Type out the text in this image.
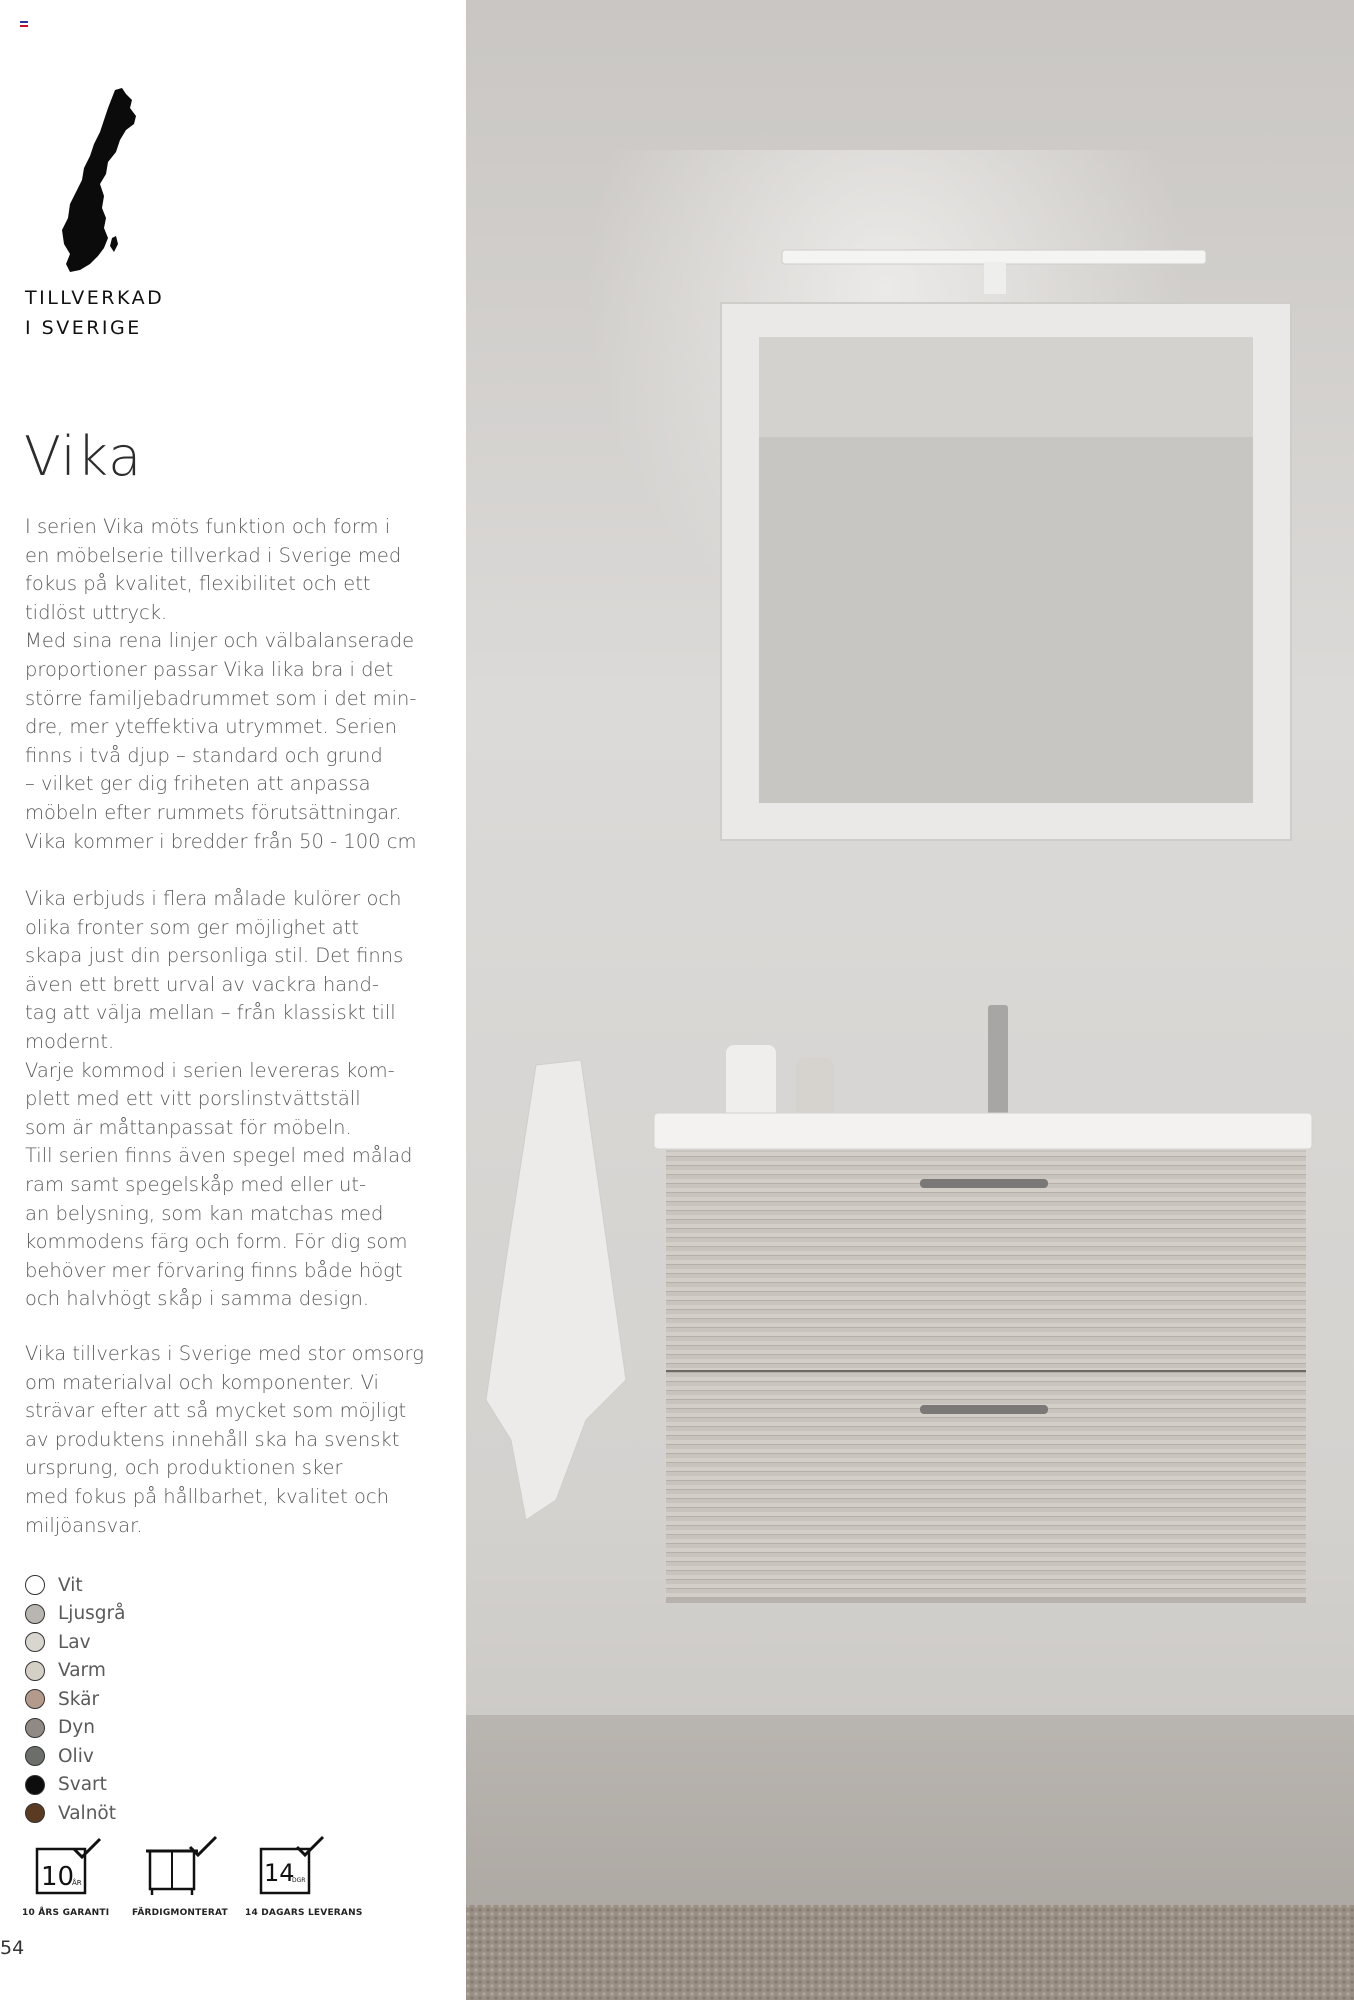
TILLVERKAD
I SVERIGE
Vika

I serien Vika möts funktion och form i
en möbelserie tillverkad i Sverige med
fokus på kvalitet, flexibilitet och ett
tidlöst uttryck.
Med sina rena linjer och välbalanserade
proportioner passar Vika lika bra i det
större familjebadrummet som i det min-
dre, mer yteffektiva utrymmet. Serien
finns i två djup – standard och grund
– vilket ger dig friheten att anpassa
möbeln efter rummets förutsättningar.
Vika kommer i bredder från 50 - 100 cm

Vika erbjuds i flera målade kulörer och
olika fronter som ger möjlighet att
skapa just din personliga stil. Det finns
även ett brett urval av vackra hand-
tag att välja mellan – från klassiskt till
modernt.
Varje kommod i serien levereras kom-
plett med ett vitt porslinstvättställ
som är måttanpassat för möbeln.
Till serien finns även spegel med målad
ram samt spegelskåp med eller ut-
an belysning, som kan matchas med
kommodens färg och form. För dig som
behöver mer förvaring finns både högt
och halvhögt skåp i samma design.

Vika tillverkas i Sverige med stor omsorg
om materialval och komponenter. Vi
strävar efter att så mycket som möjligt
av produktens innehåll ska ha svenskt
ursprung, och produktionen sker
med fokus på hållbarhet, kvalitet och
miljöansvar.

Vit
Ljusgrå
Lav
Varm
Skär
Dyn
Oliv
Svart
Valnöt
10
ÅR
10 ÅRS GARANTI	FÄRDIGMONTERAT
14
DGR
14 DAGARS LEVERANS

54
